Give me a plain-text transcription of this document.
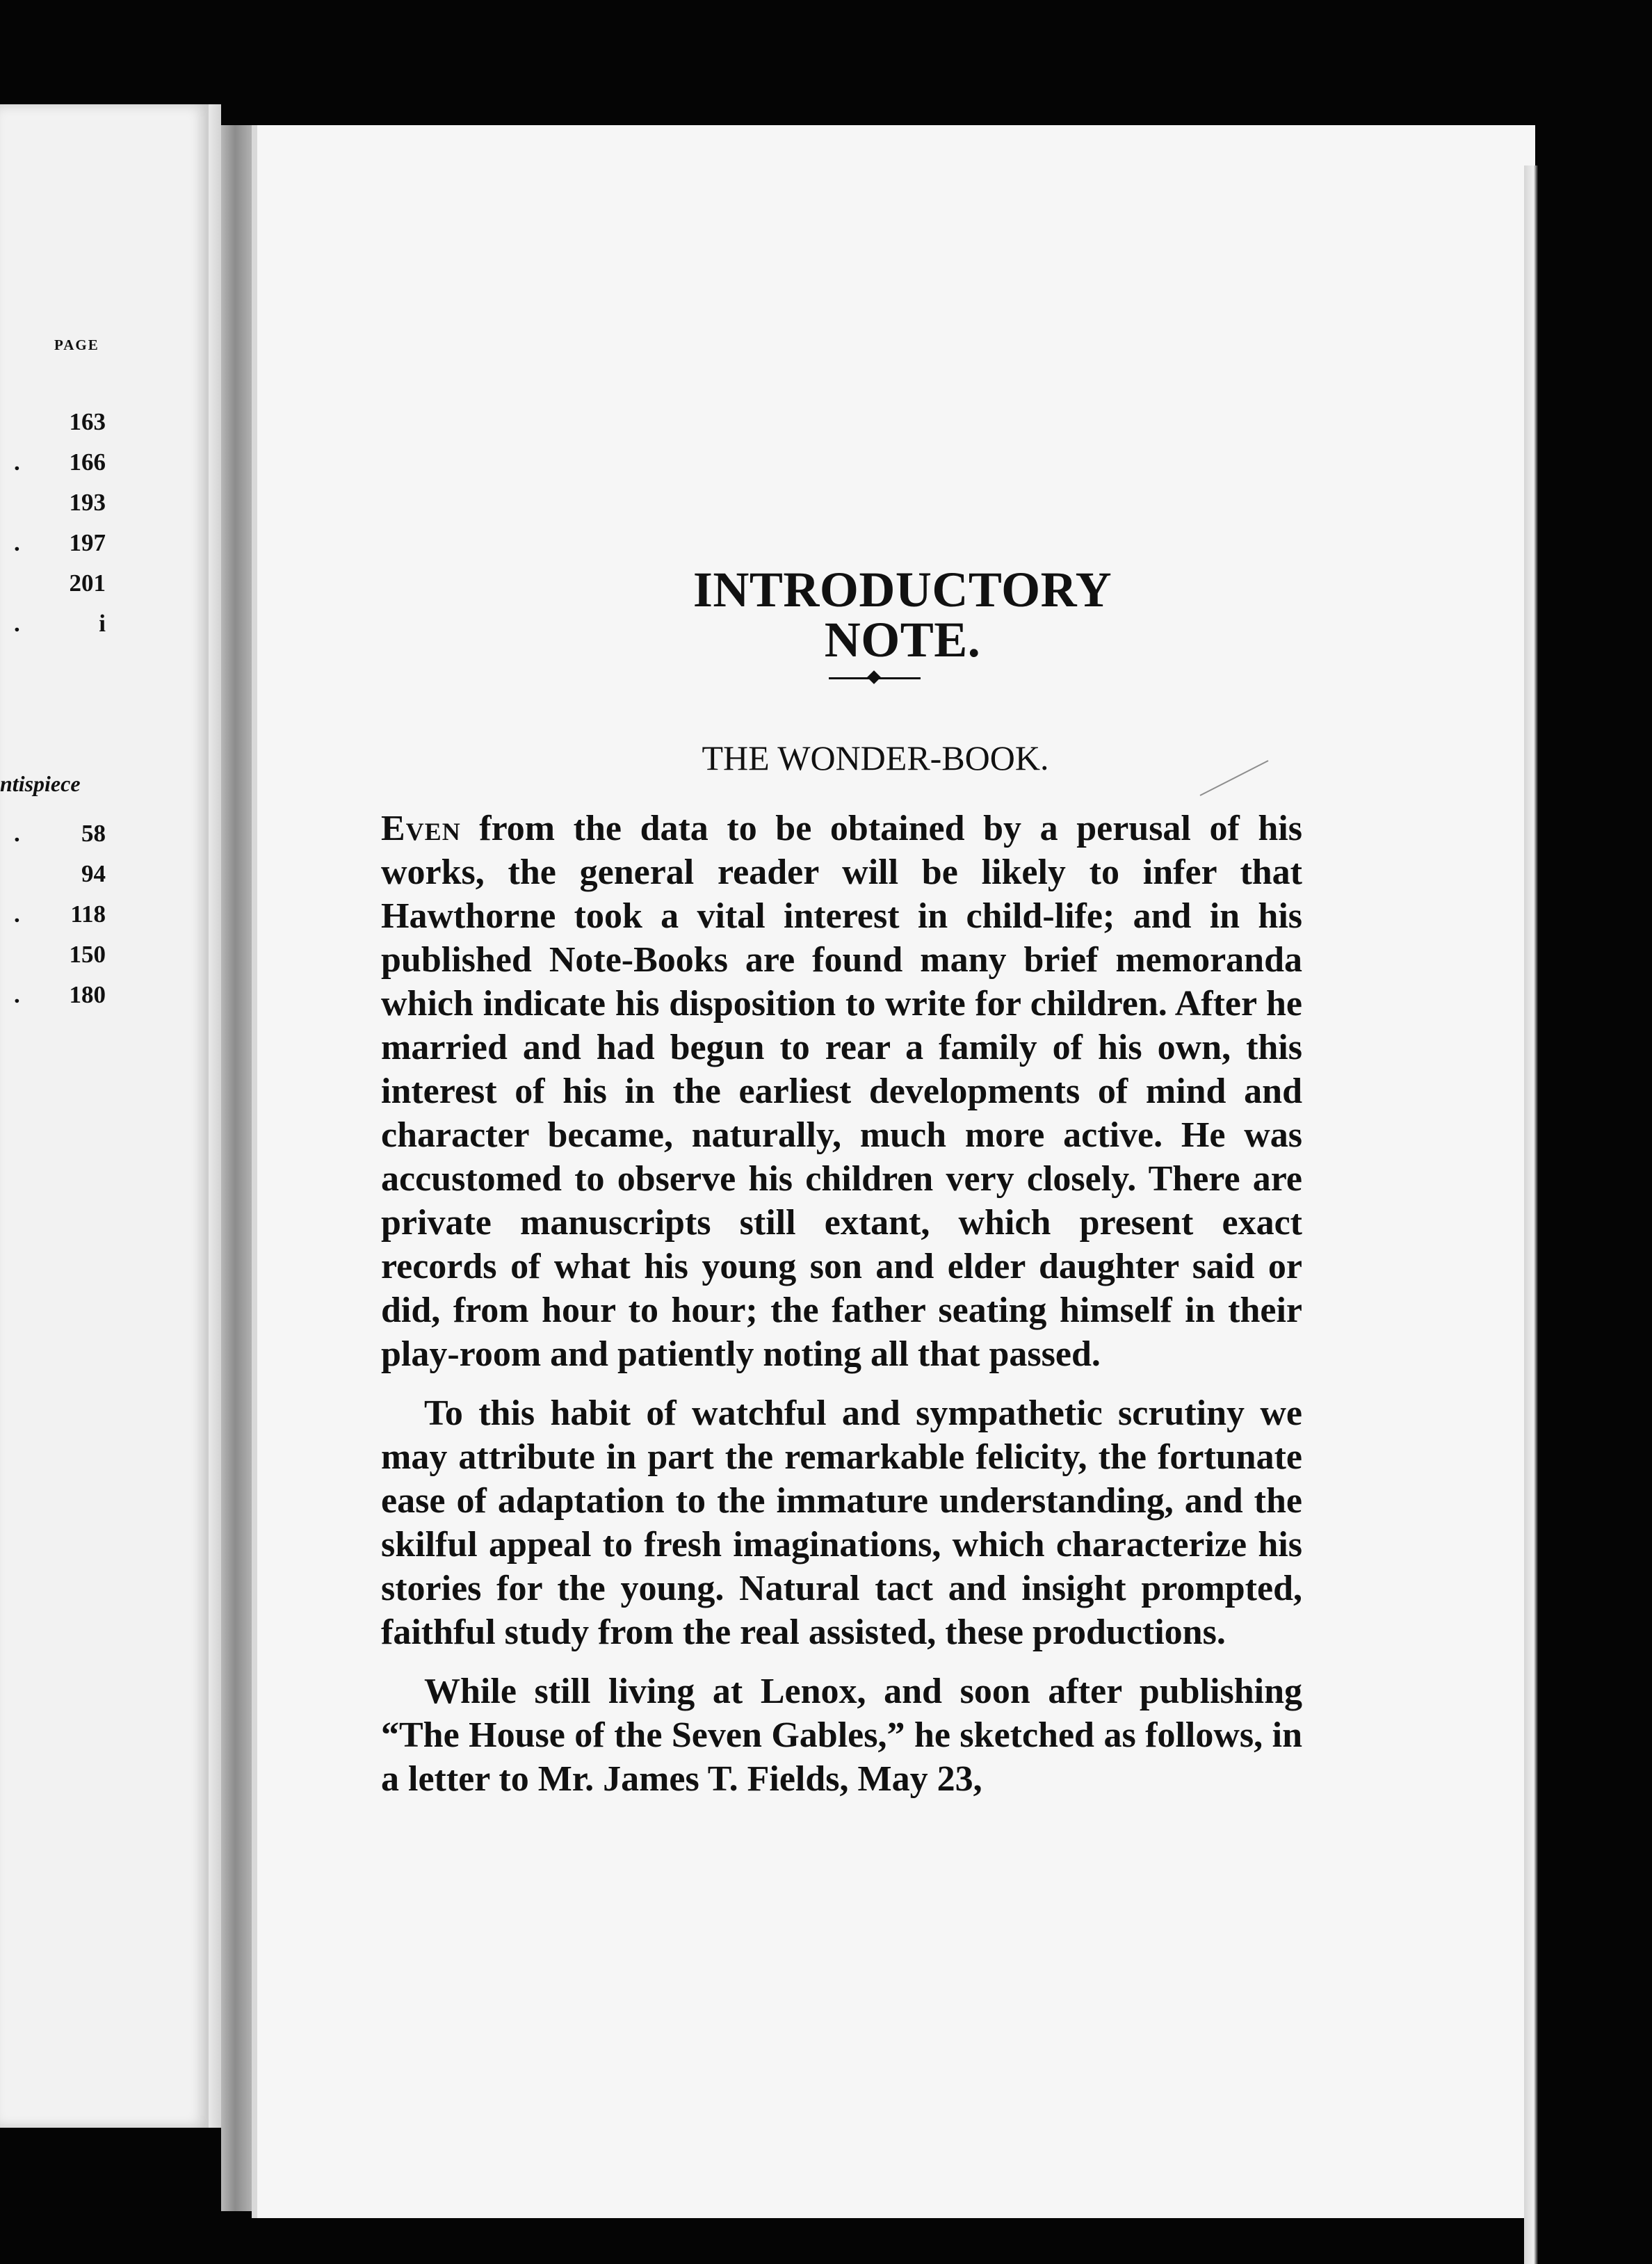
PAGE
163
. 166
193
. 197
201
.	i
ntispiece
.	58
94
. 118
150
. 180
INTRODUCTORY NOTE.
THE WONDER-BOOK.

Even from the data to be obtained by a perusal of his works, the general reader will be likely to infer that Hawthorne took a vital interest in child-life; and in his published Note-Books are found many brief memoranda which indicate his disposition to write for children. After he married and had begun to rear a family of his own, this interest of his in the earliest developments of mind and character became, naturally, much more active. He was accustomed to observe his children very closely. There are private manuscripts still extant, which present exact records of what his young son and elder daughter said or did, from hour to hour; the father seating himself in their play-room and patiently noting all that passed.

To this habit of watchful and sympathetic scrutiny we may attribute in part the remarkable felicity, the fortunate ease of adaptation to the immature understanding, and the skilful appeal to fresh imaginations, which characterize his stories for the young. Natural tact and insight prompted, faithful study from the real assisted, these productions.

While still living at Lenox, and soon after publishing “The House of the Seven Gables,” he sketched as follows, in a letter to Mr. James T. Fields, May 23,
